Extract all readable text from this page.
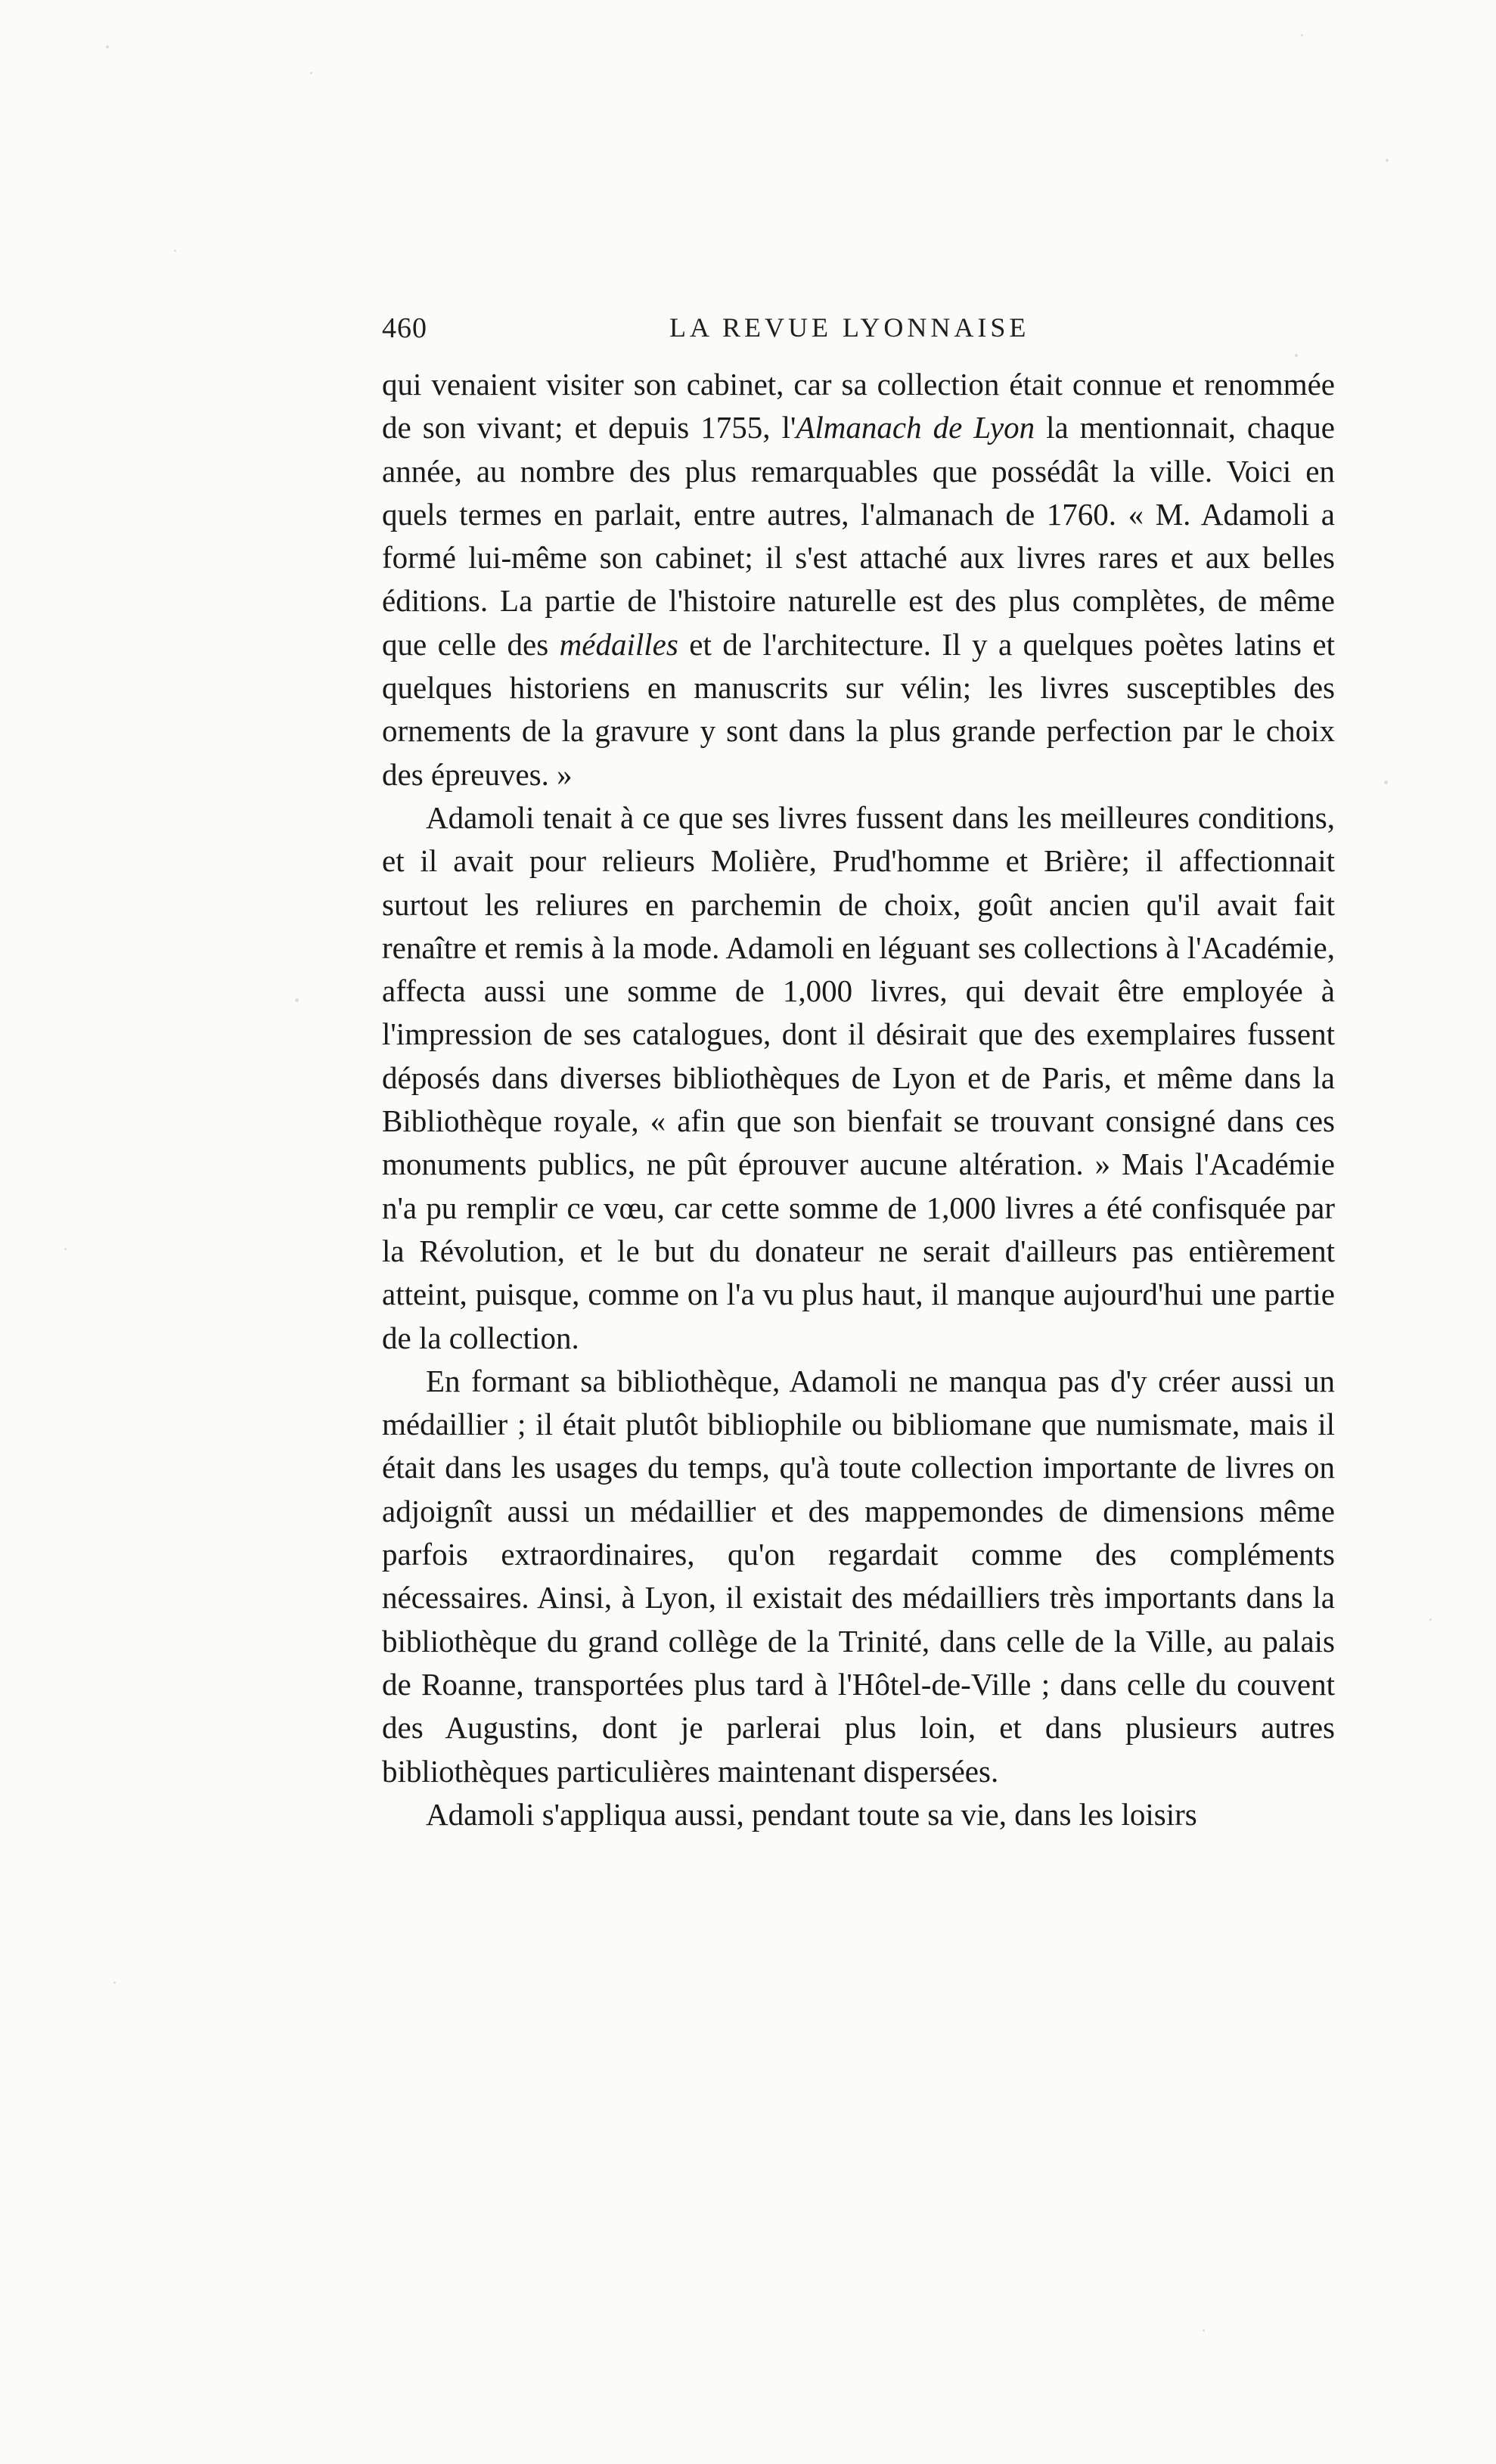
460	LA REVUE LYONNAISE

qui venaient visiter son cabinet, car sa collection était connue et renommée de son vivant; et depuis 1755, l'Almanach de Lyon la mentionnait, chaque année, au nombre des plus remarquables que possédât la ville. Voici en quels termes en parlait, entre autres, l'almanach de 1760. « M. Adamoli a formé lui-même son cabinet; il s'est attaché aux livres rares et aux belles éditions. La partie de l'histoire naturelle est des plus complètes, de même que celle des médailles et de l'architecture. Il y a quelques poètes latins et quelques historiens en manuscrits sur vélin; les livres susceptibles des ornements de la gravure y sont dans la plus grande perfection par le choix des épreuves. »

Adamoli tenait à ce que ses livres fussent dans les meilleures conditions, et il avait pour relieurs Molière, Prud'homme et Brière; il affectionnait surtout les reliures en parchemin de choix, goût ancien qu'il avait fait renaître et remis à la mode. Adamoli en léguant ses collections à l'Académie, affecta aussi une somme de 1,000 livres, qui devait être employée à l'impression de ses catalogues, dont il désirait que des exemplaires fussent déposés dans diverses bibliothèques de Lyon et de Paris, et même dans la Bibliothèque royale, « afin que son bienfait se trouvant consigné dans ces monuments publics, ne pût éprouver aucune altération. » Mais l'Académie n'a pu remplir ce vœu, car cette somme de 1,000 livres a été confisquée par la Révolution, et le but du donateur ne serait d'ailleurs pas entièrement atteint, puisque, comme on l'a vu plus haut, il manque aujourd'hui une partie de la collection.

En formant sa bibliothèque, Adamoli ne manqua pas d'y créer aussi un médaillier ; il était plutôt bibliophile ou bibliomane que numismate, mais il était dans les usages du temps, qu'à toute collection importante de livres on adjoignît aussi un médaillier et des mappemondes de dimensions même parfois extraordinaires, qu'on regardait comme des compléments nécessaires. Ainsi, à Lyon, il existait des médailliers très importants dans la bibliothèque du grand collège de la Trinité, dans celle de la Ville, au palais de Roanne, transportées plus tard à l'Hôtel-de-Ville ; dans celle du couvent des Augustins, dont je parlerai plus loin, et dans plusieurs autres bibliothèques particulières maintenant dispersées.

Adamoli s'appliqua aussi, pendant toute sa vie, dans les loisirs
